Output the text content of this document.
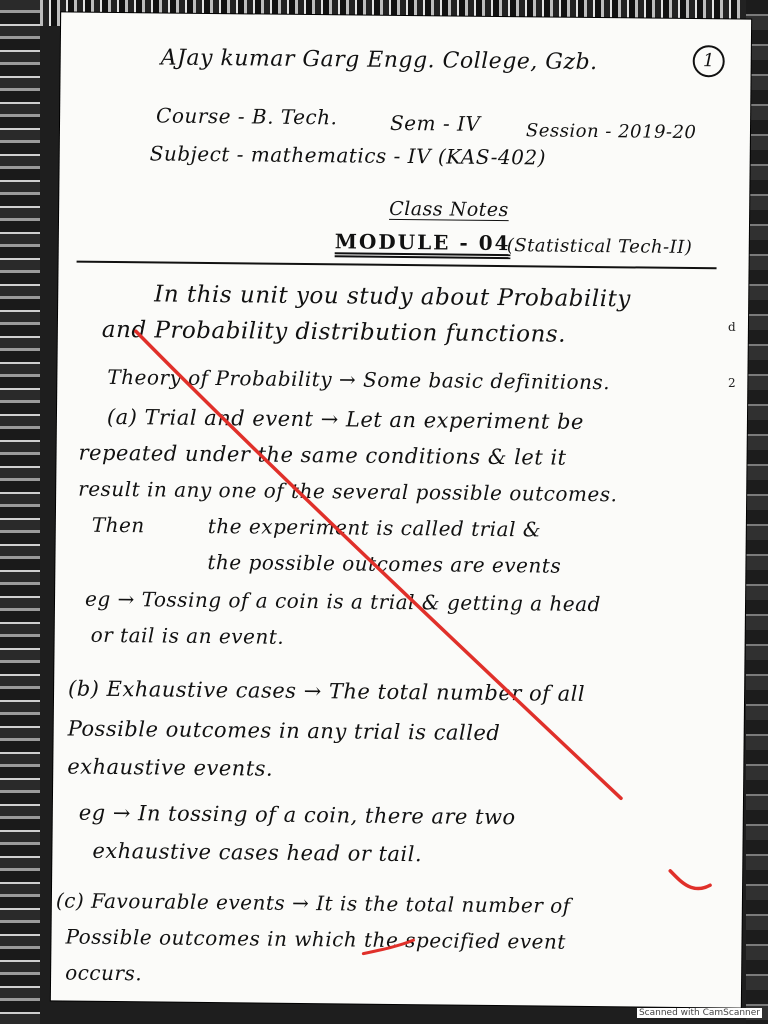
AJay kumar Garg Engg. College, Gzb.	1
Course - B. Tech.	Sem - IV	Session - 2019-20
Subject - mathematics - IV (KAS-402)
Class Notes
MODULE - 04
(Statistical Tech-II)
In this unit you study about Probability
and Probability distribution functions.
Theory of Probability → Some basic definitions.
(a) Trial and event → Let an experiment be
repeated under the same conditions & let it
result in any one of the several possible outcomes.
Then	the experiment is called trial &
the possible outcomes are events
eg → Tossing of a coin is a trial & getting a head
or tail is an event.
(b) Exhaustive cases → The total number of all
Possible outcomes in any trial is called
exhaustive events.
eg → In tossing of a coin, there are two
exhaustive cases head or tail.
(c) Favourable events → It is the total number of
Possible outcomes in which the specified event
occurs.
d
2
Scanned with CamScanner
